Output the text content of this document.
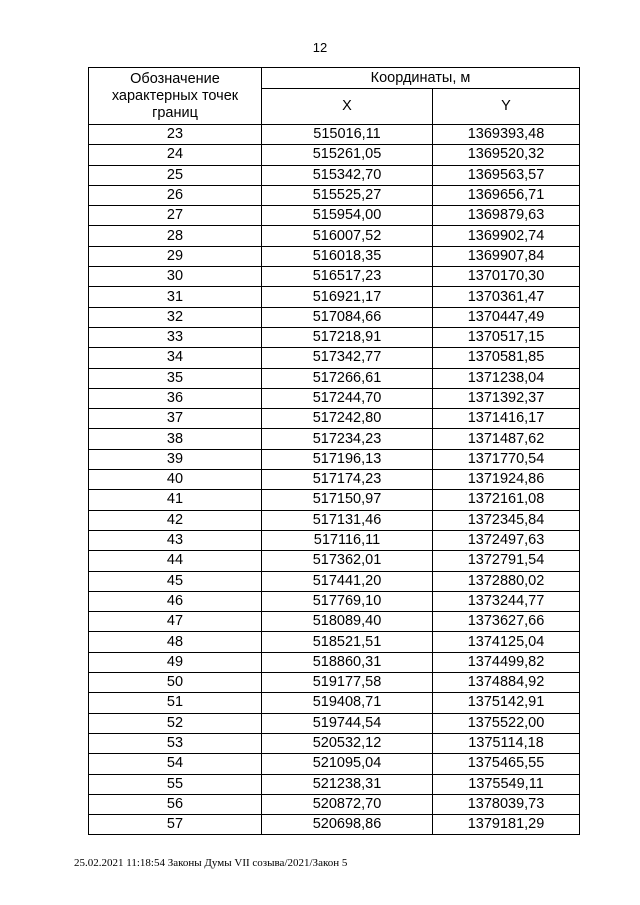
12
Обозначение
характерных точек
границ	Координаты, м	
	X	Y
23	515016,11	1369393,48
24	515261,05	1369520,32
25	515342,70	1369563,57
26	515525,27	1369656,71
27	515954,00	1369879,63
28	516007,52	1369902,74
29	516018,35	1369907,84
30	516517,23	1370170,30
31	516921,17	1370361,47
32	517084,66	1370447,49
33	517218,91	1370517,15
34	517342,77	1370581,85
35	517266,61	1371238,04
36	517244,70	1371392,37
37	517242,80	1371416,17
38	517234,23	1371487,62
39	517196,13	1371770,54
40	517174,23	1371924,86
41	517150,97	1372161,08
42	517131,46	1372345,84
43	517116,11	1372497,63
44	517362,01	1372791,54
45	517441,20	1372880,02
46	517769,10	1373244,77
47	518089,40	1373627,66
48	518521,51	1374125,04
49	518860,31	1374499,82
50	519177,58	1374884,92
51	519408,71	1375142,91
52	519744,54	1375522,00
53	520532,12	1375114,18
54	521095,04	1375465,55
55	521238,31	1375549,11
56	520872,70	1378039,73
57	520698,86	1379181,29
25.02.2021 11:18:54 Законы Думы VII созыва/2021/Закон 5
